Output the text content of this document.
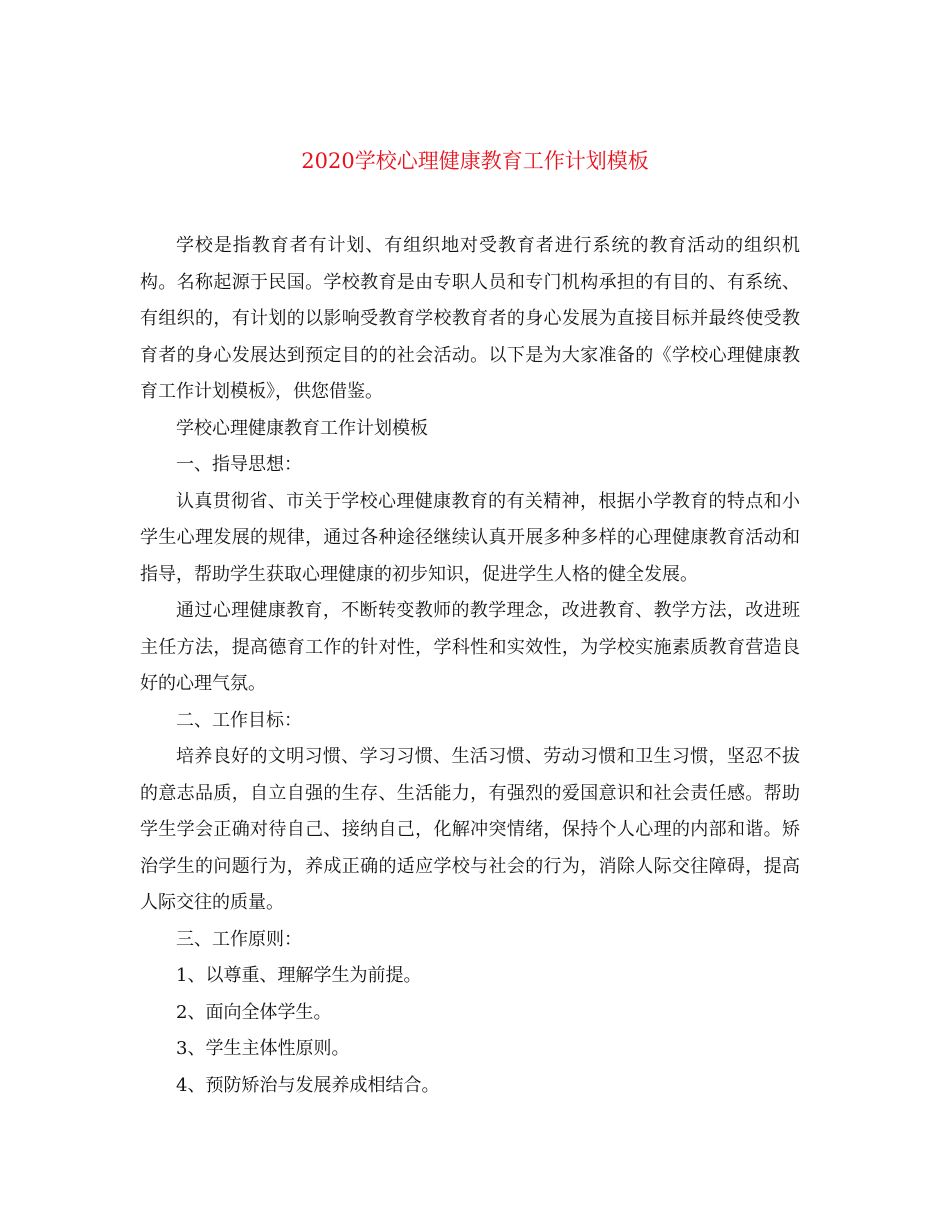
2020学校心理健康教育工作计划模板

学校是指教育者有计划、有组织地对受教育者进行系统的教育活动的组织机构。名称起源于民国。学校教育是由专职人员和专门机构承担的有目的、有系统、有组织的，有计划的以影响受教育学校教育者的身心发展为直接目标并最终使受教育者的身心发展达到预定目的的社会活动。以下是为大家准备的《学校心理健康教育工作计划模板》，供您借鉴。

学校心理健康教育工作计划模板

一、指导思想：

认真贯彻省、市关于学校心理健康教育的有关精神，根据小学教育的特点和小学生心理发展的规律，通过各种途径继续认真开展多种多样的心理健康教育活动和指导，帮助学生获取心理健康的初步知识，促进学生人格的健全发展。

通过心理健康教育，不断转变教师的教学理念，改进教育、教学方法，改进班主任方法，提高德育工作的针对性，学科性和实效性，为学校实施素质教育营造良好的心理气氛。

二、工作目标：

培养良好的文明习惯、学习习惯、生活习惯、劳动习惯和卫生习惯，坚忍不拔的意志品质，自立自强的生存、生活能力，有强烈的爱国意识和社会责任感。帮助学生学会正确对待自己、接纳自己，化解冲突情绪，保持个人心理的内部和谐。矫治学生的问题行为，养成正确的适应学校与社会的行为，消除人际交往障碍，提高人际交往的质量。

三、工作原则：

1、以尊重、理解学生为前提。

2、面向全体学生。

3、学生主体性原则。

4、预防矫治与发展养成相结合。
